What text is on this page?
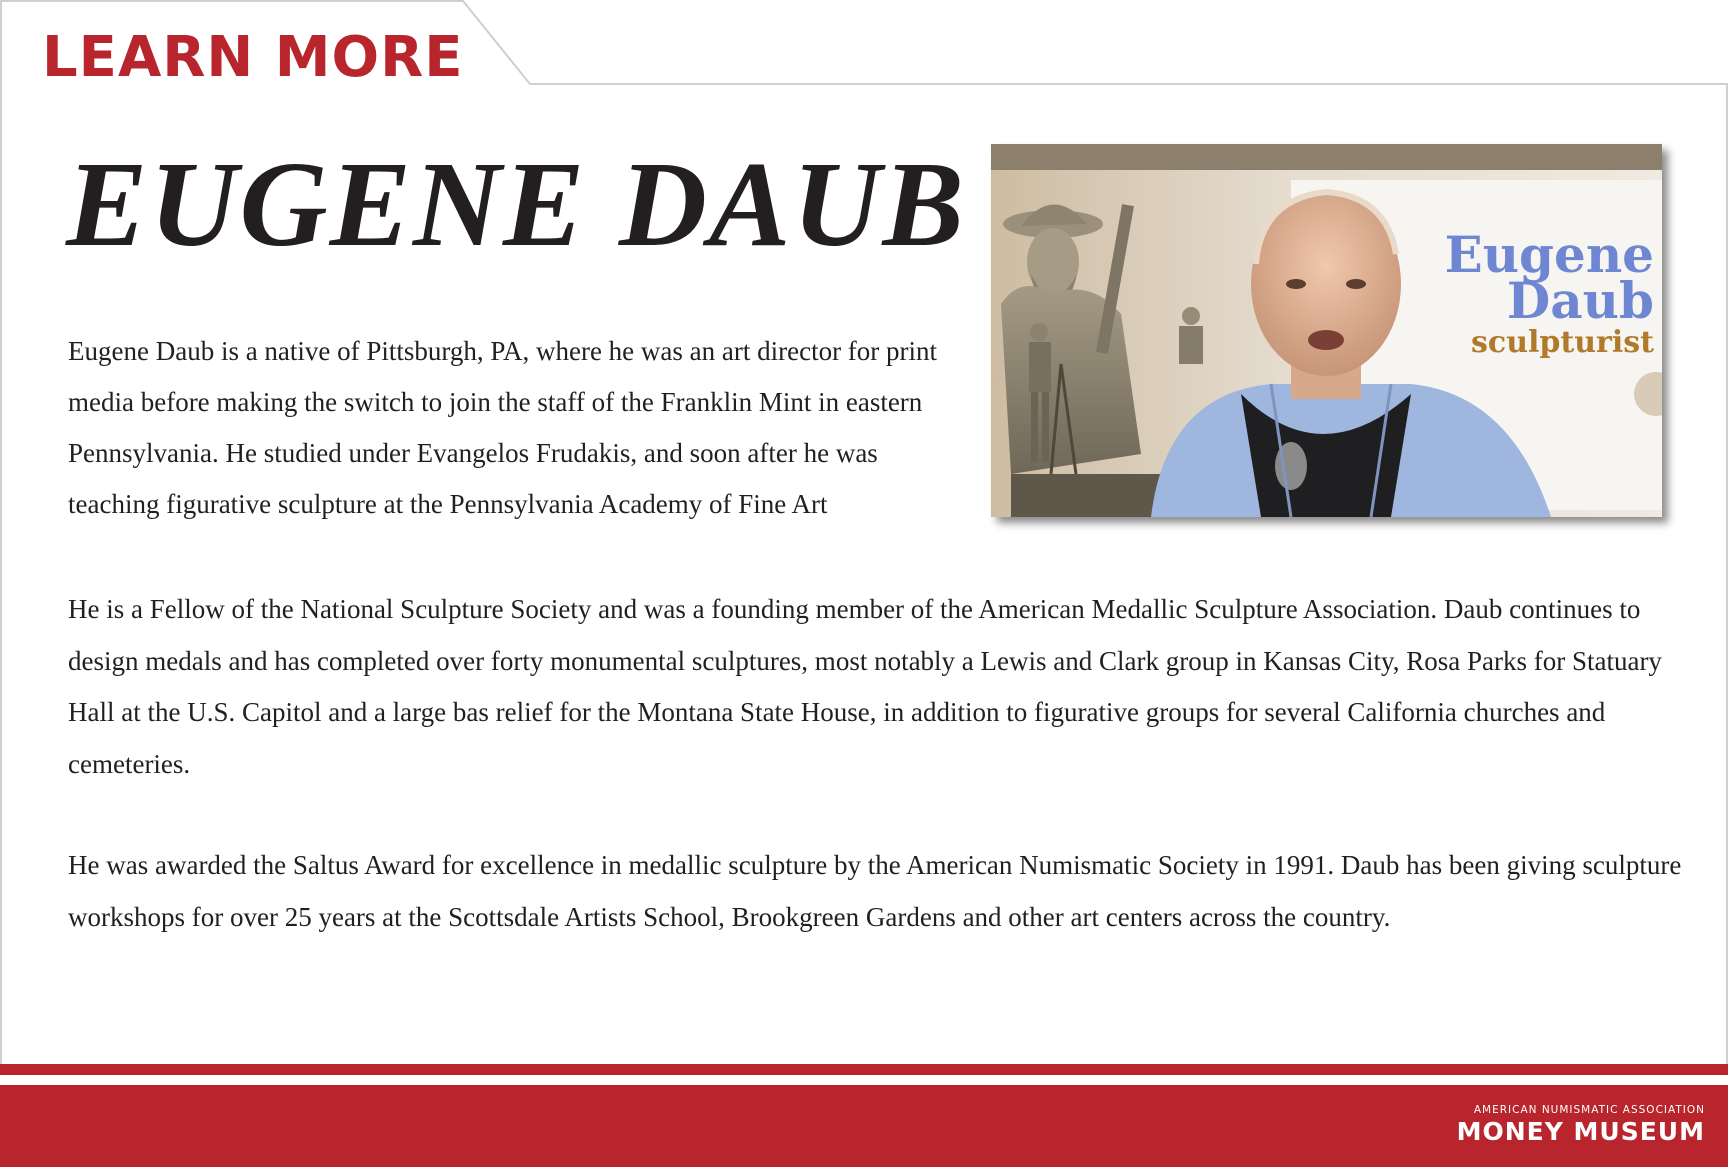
LEARN MORE
EUGENE DAUB

Eugene Daub is a native of Pittsburgh, PA, where he was an art director for print media before making the switch to join the staff of the Franklin Mint in eastern Pennsylvania. He studied under Evangelos Frudakis, and soon after he was teaching figurative sculpture at the Pennsylvania Academy of Fine Art

Eugene
Daub
sculpturist

He is a Fellow of the National Sculpture Society and was a founding member of the American Medallic Sculpture Association. Daub continues to design medals and has completed over forty monumental sculptures, most notably a Lewis and Clark group in Kansas City, Rosa Parks for Statuary Hall at the U.S. Capitol and a large bas relief for the Montana State House, in addition to figurative groups for several California churches and cemeteries.

He was awarded the Saltus Award for excellence in medallic sculpture by the American Numismatic Society in 1991. Daub has been giving sculpture workshops for over 25 years at the Scottsdale Artists School, Brookgreen Gardens and other art centers across the country.

AMERICAN NUMISMATIC ASSOCIATION
MONEY MUSEUM
